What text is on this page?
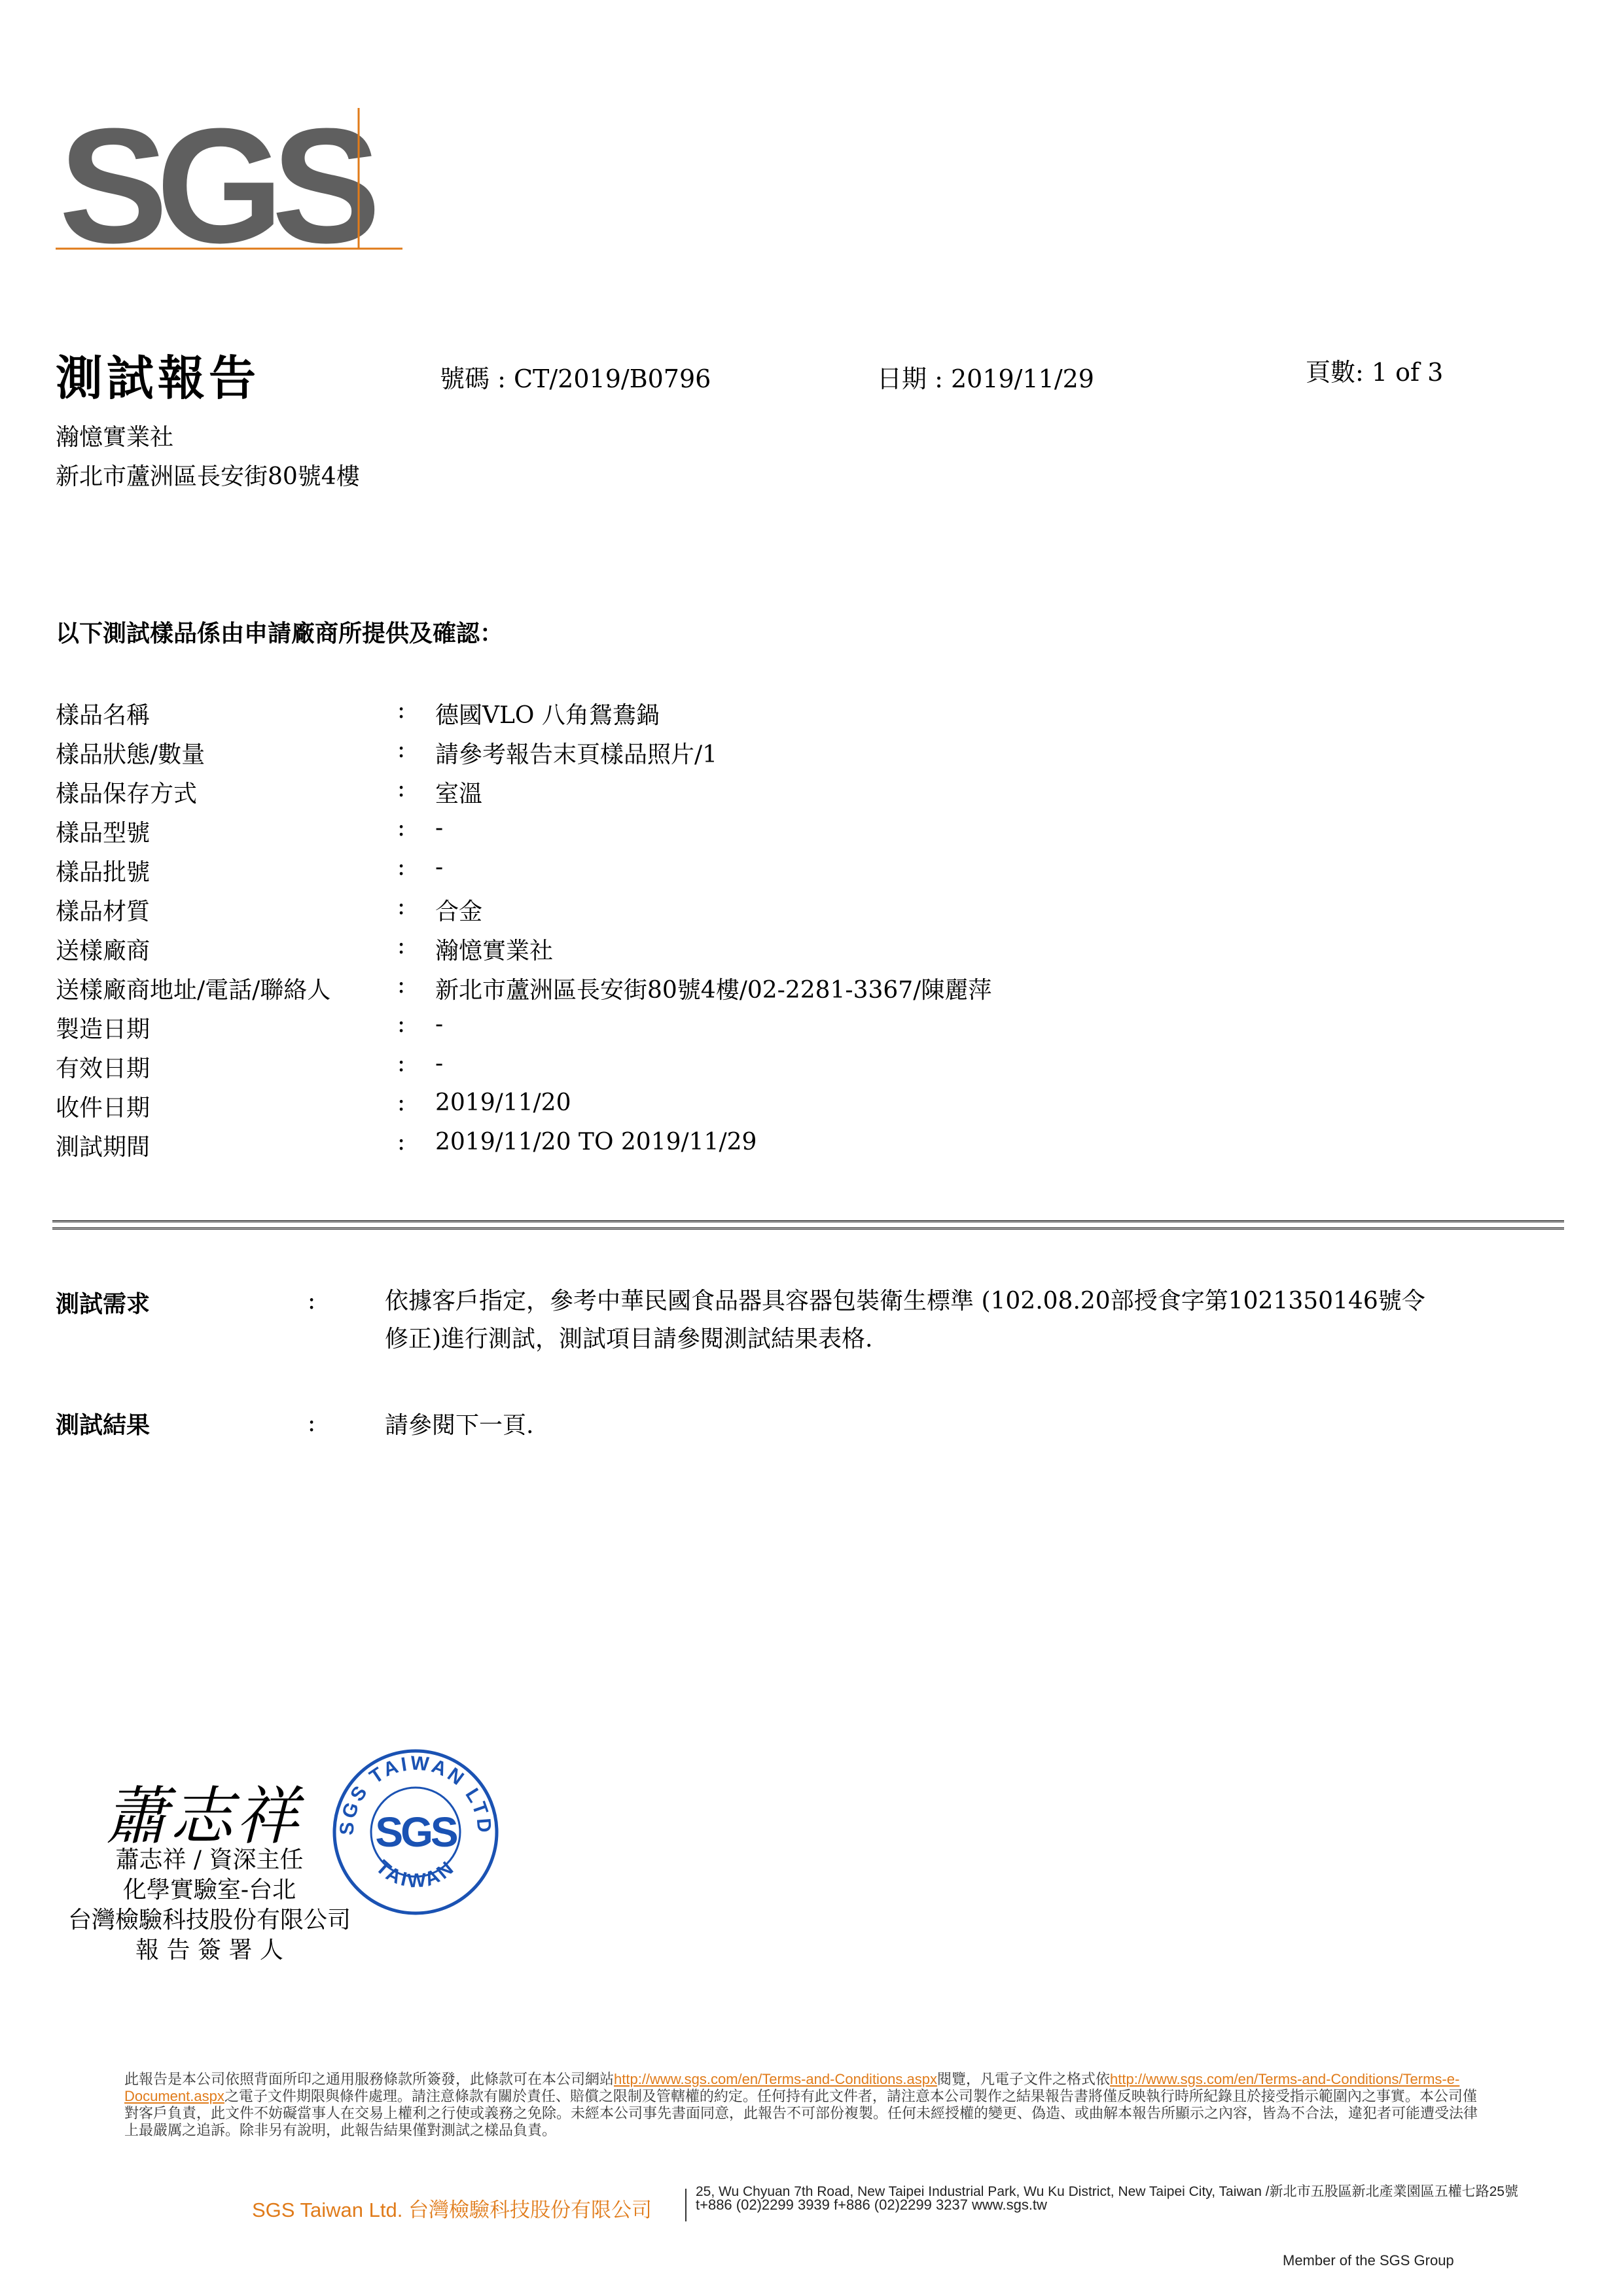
SGS
測試報告	號碼 : CT/2019/B0796	日期 : 2019/11/29	頁數: 1 of 3
瀚憶實業社
新北市蘆洲區長安街80號4樓
以下測試樣品係由申請廠商所提供及確認：
樣品名稱	: 德國VLO 八角鴛鴦鍋
樣品狀態/數量	: 請參考報告末頁樣品照片/1
樣品保存方式	: 室溫
樣品型號	: -
樣品批號	: -
樣品材質	: 合金
送樣廠商	: 瀚憶實業社
送樣廠商地址/電話/聯絡人	: 新北市蘆洲區長安街80號4樓/02-2281-3367/陳麗萍
製造日期	: -
有效日期	: -
收件日期	: 2019/11/20
測試期間	: 2019/11/20 TO 2019/11/29
測試需求	:	依據客戶指定，參考中華民國食品器具容器包裝衛生標準 (102.08.20部授食字第1021350146號令
修正)進行測試，測試項目請參閱測試結果表格.
測試結果	:	請參閱下一頁.
蕭志祥
蕭志祥 / 資深主任
化學實驗室-台北
台灣檢驗科技股份有限公司
報 告 簽 署 人
SGS TAIWAN LTD
TAIWAN
SGS
此報告是本公司依照背面所印之通用服務條款所簽發，此條款可在本公司網站http://www.sgs.com/en/Terms-and-Conditions.aspx閱覽，凡電子文件之格式依http://www.sgs.com/en/Terms-and-Conditions/Terms-e-Document.aspx之電子文件期限與條件處理。請注意條款有關於責任、賠償之限制及管轄權的約定。任何持有此文件者，請注意本公司製作之結果報告書將僅反映執行時所紀錄且於接受指示範圍內之事實。本公司僅對客戶負責，此文件不妨礙當事人在交易上權利之行使或義務之免除。未經本公司事先書面同意，此報告不可部份複製。任何未經授權的變更、偽造、或曲解本報告所顯示之內容，皆為不合法，違犯者可能遭受法律上最嚴厲之追訴。除非另有說明，此報告結果僅對測試之樣品負責。
SGS Taiwan Ltd. 台灣檢驗科技股份有限公司
25, Wu Chyuan 7th Road, New Taipei Industrial Park, Wu Ku District, New Taipei City, Taiwan /新北市五股區新北產業園區五權七路25號
t+886 (02)2299 3939 f+886 (02)2299 3237 www.sgs.tw
Member of the SGS Group
